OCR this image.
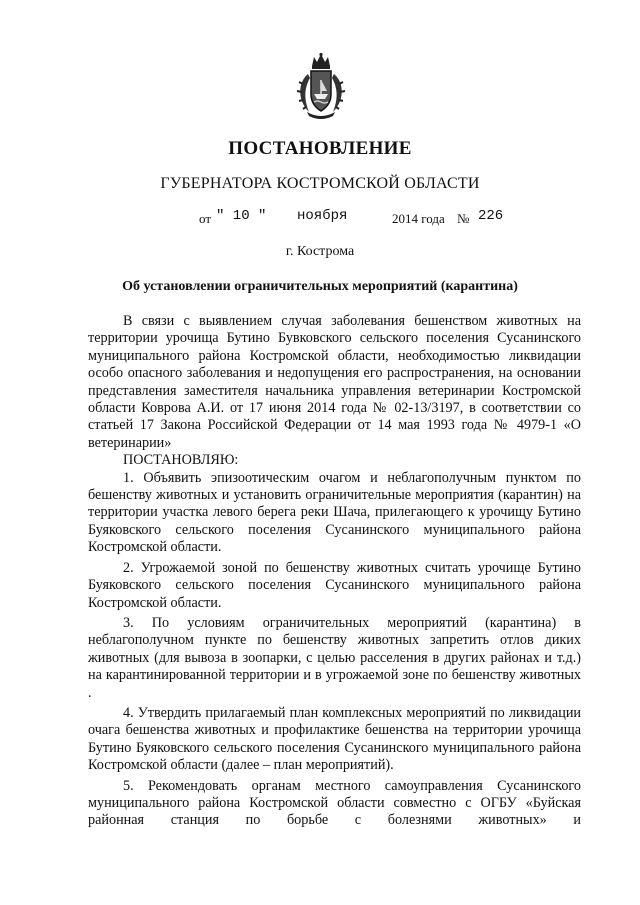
ПОСТАНОВЛЕНИЕ
ГУБЕРНАТОРА КОСТРОМСКОЙ ОБЛАСТИ
от " 10 " ноября	2014 года № 226
г. Кострома
Об установлении ограничительных мероприятий (карантина)

В связи с выявлением случая заболевания бешенством животных на территории урочища Бутино Бувковского сельского поселения Сусанинского муниципального района Костромской области, необходимостью ликвидации особо опасного заболевания и недопущения его распространения, на основании представления заместителя начальника управления ветеринарии Костромской области Коврова А.И. от 17 июня 2014 года № 02-13/3197, в соответствии со статьей 17 Закона Российской Федерации от 14 мая 1993 года № 4979-1 «О ветеринарии»

ПОСТАНОВЛЯЮ:

1. Объявить эпизоотическим очагом и неблагополучным пунктом по бешенству животных и установить ограничительные мероприятия (карантин) на территории участка левого берега реки Шача, прилегающего к урочищу Бутино Буяковского сельского поселения Сусанинского муниципального района Костромской области.

2. Угрожаемой зоной по бешенству животных считать урочище Бутино Буяковского сельского поселения Сусанинского муниципального района Костромской области.

3. По условиям ограничительных мероприятий (карантина) в неблагополучном пункте по бешенству животных запретить отлов диких животных (для вывоза в зоопарки, с целью расселения в других районах и т.д.) на карантинированной территории и в угрожаемой зоне по бешенству животных .

4. Утвердить прилагаемый план комплексных мероприятий по ликвидации очага бешенства животных и профилактике бешенства на территории урочища Бутино Буяковского сельского поселения Сусанинского муниципального района Костромской области (далее – план мероприятий).

5. Рекомендовать органам местного самоуправления Сусанинского муниципального района Костромской области совместно с ОГБУ «Буйская районная станция по борьбе с болезнями животных» и
